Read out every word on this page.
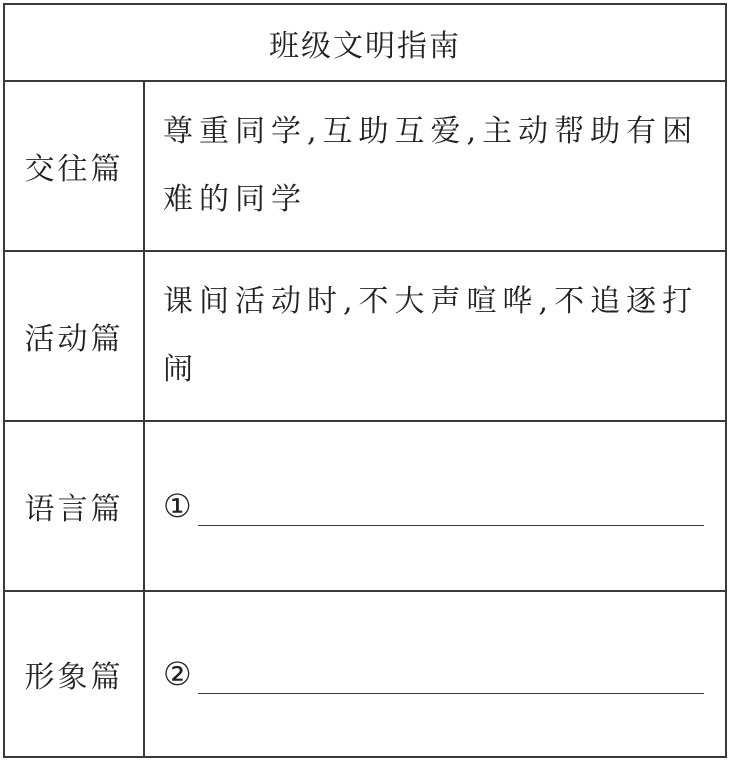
班级文明指南
交往篇
尊重同学,互助互爱,主动帮助有困难的同学
活动篇
课间活动时,不大声喧哗,不追逐打闹
语言篇	①
形象篇	②
